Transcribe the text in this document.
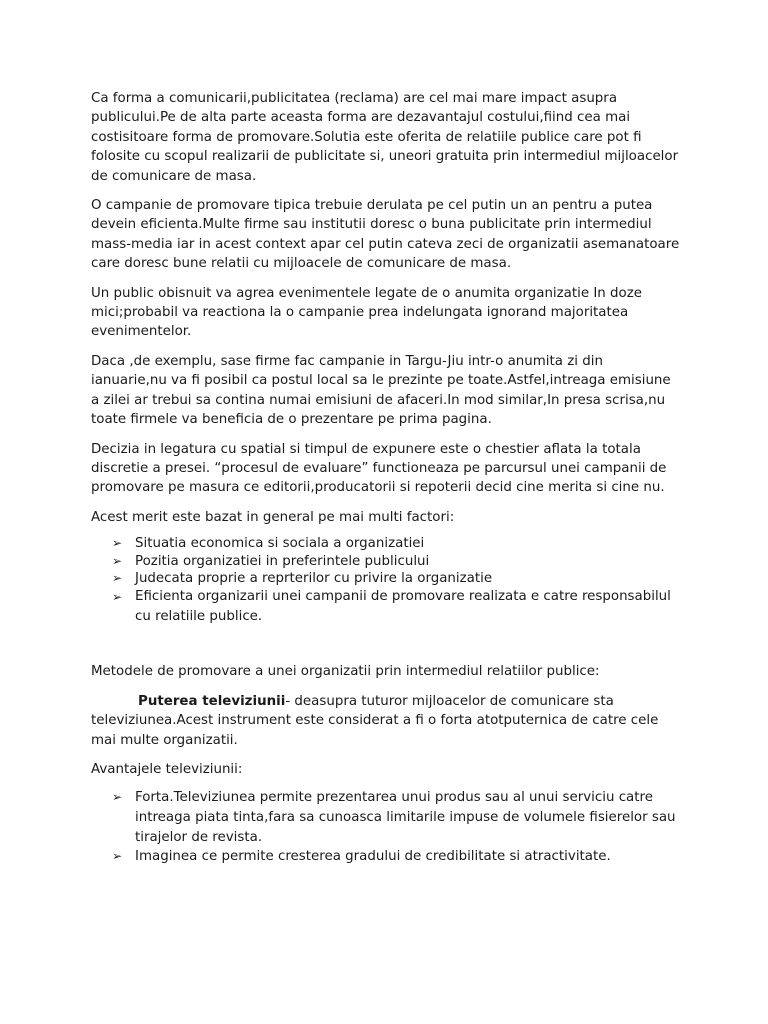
Ca forma a comunicarii,publicitatea (reclama) are cel mai mare impact asupra publicului.Pe de alta parte aceasta forma are dezavantajul costului,fiind cea mai costisitoare forma de promovare.Solutia este oferita de relatiile publice care pot fi folosite cu scopul realizarii de publicitate si, uneori gratuita prin intermediul mijloacelor de comunicare de masa.

O campanie de promovare tipica trebuie derulata pe cel putin un an pentru a putea devein eficienta.Multe firme sau institutii doresc o buna publicitate prin intermediul mass-media iar in acest context apar cel putin cateva zeci de organizatii asemanatoare care doresc bune relatii cu mijloacele de comunicare de masa.

Un public obisnuit va agrea evenimentele legate de o anumita organizatie In doze mici;probabil va reactiona la o campanie prea indelungata ignorand majoritatea evenimentelor.

Daca ,de exemplu, sase firme fac campanie in Targu-Jiu intr-o anumita zi din ianuarie,nu va fi posibil ca postul local sa le prezinte pe toate.Astfel,intreaga emisiune a zilei ar trebui sa contina numai emisiuni de afaceri.In mod similar,In presa scrisa,nu toate firmele va beneficia de o prezentare pe prima pagina.

Decizia in legatura cu spatial si timpul de expunere este o chestier aflata la totala discretie a presei. “procesul de evaluare” functioneaza pe parcursul unei campanii de promovare pe masura ce editorii,producatorii si repoterii decid cine merita si cine nu.

Acest merit este bazat in general pe mai multi factori:

➢ Situatia economica si sociala a organizatiei
➢ Pozitia organizatiei in preferintele publicului
➢ Judecata proprie a reprterilor cu privire la organizatie
➢ Eficienta organizarii unei campanii de promovare realizata e catre responsabilul cu relatiile publice.

Metodele de promovare a unei organizatii prin intermediul relatiilor publice:

Puterea televiziunii- deasupra tuturor mijloacelor de comunicare sta televiziunea.Acest instrument este considerat a fi o forta atotputernica de catre cele mai multe organizatii.

Avantajele televiziunii:

➢ Forta.Televiziunea permite prezentarea unui produs sau al unui serviciu catre intreaga piata tinta,fara sa cunoasca limitarile impuse de volumele fisierelor sau tirajelor de revista.
➢ Imaginea ce permite cresterea gradului de credibilitate si atractivitate.
